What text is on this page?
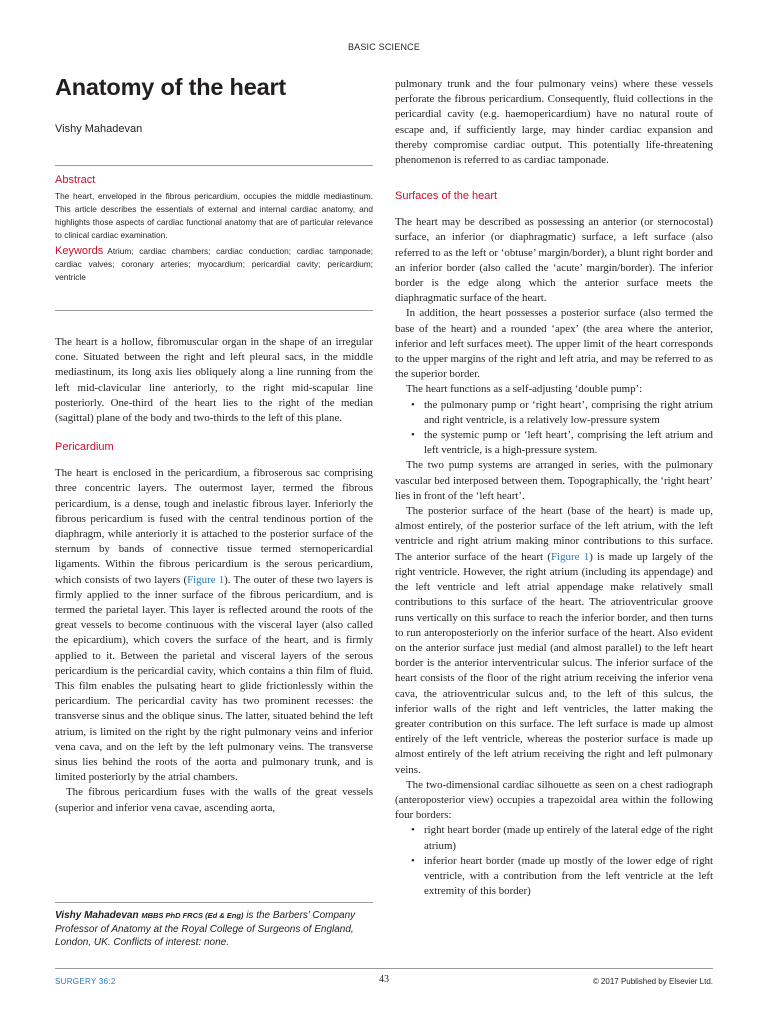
BASIC SCIENCE
Anatomy of the heart
Vishy Mahadevan
Abstract

The heart, enveloped in the fibrous pericardium, occupies the middle mediastinum. This article describes the essentials of external and internal cardiac anatomy, and highlights those aspects of cardiac functional anatomy that are of particular relevance to clinical cardiac examination.

Keywords Atrium; cardiac chambers; cardiac conduction; cardiac tamponade; cardiac valves; coronary arteries; myocardium; pericardial cavity; pericardium; ventricle

The heart is a hollow, fibromuscular organ in the shape of an irregular cone. Situated between the right and left pleural sacs, in the middle mediastinum, its long axis lies obliquely along a line running from the left mid-clavicular line anteriorly, to the right mid-scapular line posteriorly. One-third of the heart lies to the right of the median (sagittal) plane of the body and two-thirds to the left of this plane.

Pericardium

The heart is enclosed in the pericardium, a fibroserous sac comprising three concentric layers. The outermost layer, termed the fibrous pericardium, is a dense, tough and inelastic fibrous layer. Inferiorly the fibrous pericardium is fused with the central tendinous portion of the diaphragm, while anteriorly it is attached to the posterior surface of the sternum by bands of connective tissue termed sternopericardial ligaments. Within the fibrous pericardium is the serous pericardium, which consists of two layers (Figure 1). The outer of these two layers is firmly applied to the inner surface of the fibrous pericardium, and is termed the parietal layer. This layer is reflected around the roots of the great vessels to become continuous with the visceral layer (also called the epicardium), which covers the surface of the heart, and is firmly applied to it. Between the parietal and visceral layers of the serous pericardium is the pericardial cavity, which contains a thin film of fluid. This film enables the pulsating heart to glide frictionlessly within the pericardium. The pericardial cavity has two prominent recesses: the transverse sinus and the oblique sinus. The latter, situated behind the left atrium, is limited on the right by the right pulmonary veins and inferior vena cava, and on the left by the left pulmonary veins. The transverse sinus lies behind the roots of the aorta and pulmonary trunk, and is limited posteriorly by the atrial chambers.

The fibrous pericardium fuses with the walls of the great vessels (superior and inferior vena cavae, ascending aorta,

pulmonary trunk and the four pulmonary veins) where these vessels perforate the fibrous pericardium. Consequently, fluid collections in the pericardial cavity (e.g. haemopericardium) have no natural route of escape and, if sufficiently large, may hinder cardiac expansion and thereby compromise cardiac output. This potentially life-threatening phenomenon is referred to as cardiac tamponade.

Surfaces of the heart

The heart may be described as possessing an anterior (or sternocostal) surface, an inferior (or diaphragmatic) surface, a left surface (also referred to as the left or ‘obtuse’ margin/border), a blunt right border and an inferior border (also called the ‘acute’ margin/border). The inferior border is the edge along which the anterior surface meets the diaphragmatic surface of the heart.

In addition, the heart possesses a posterior surface (also termed the base of the heart) and a rounded ‘apex’ (the area where the anterior, inferior and left surfaces meet). The upper limit of the heart corresponds to the upper margins of the right and left atria, and may be referred to as the superior border.

The heart functions as a self-adjusting ‘double pump’:

• the pulmonary pump or ‘right heart’, comprising the right atrium and right ventricle, is a relatively low-pressure system
• the systemic pump or ‘left heart’, comprising the left atrium and left ventricle, is a high-pressure system.

The two pump systems are arranged in series, with the pulmonary vascular bed interposed between them. Topographically, the ‘right heart’ lies in front of the ‘left heart’.

The posterior surface of the heart (base of the heart) is made up, almost entirely, of the posterior surface of the left atrium, with the left ventricle and right atrium making minor contributions to this surface. The anterior surface of the heart (Figure 1) is made up largely of the right ventricle. However, the right atrium (including its appendage) and the left ventricle and left atrial appendage make relatively small contributions to this surface of the heart. The atrioventricular groove runs vertically on this surface to reach the inferior border, and then turns to run anteroposteriorly on the inferior surface of the heart. Also evident on the anterior surface just medial (and almost parallel) to the left heart border is the anterior interventricular sulcus. The inferior surface of the heart consists of the floor of the right atrium receiving the inferior vena cava, the atrioventricular sulcus and, to the left of this sulcus, the inferior walls of the right and left ventricles, the latter making the greater contribution on this surface. The left surface is made up almost entirely of the left ventricle, whereas the posterior surface is made up almost entirely of the left atrium receiving the right and left pulmonary veins.

The two-dimensional cardiac silhouette as seen on a chest radiograph (anteroposterior view) occupies a trapezoidal area within the following four borders:

• right heart border (made up entirely of the lateral edge of the right atrium)
• inferior heart border (made up mostly of the lower edge of right ventricle, with a contribution from the left ventricle at the left extremity of this border)
Vishy Mahadevan MBBS PhD FRCS (Ed & Eng) is the Barbers’ Company Professor of Anatomy at the Royal College of Surgeons of England, London, UK. Conflicts of interest: none.
SURGERY 36:2	43	© 2017 Published by Elsevier Ltd.
